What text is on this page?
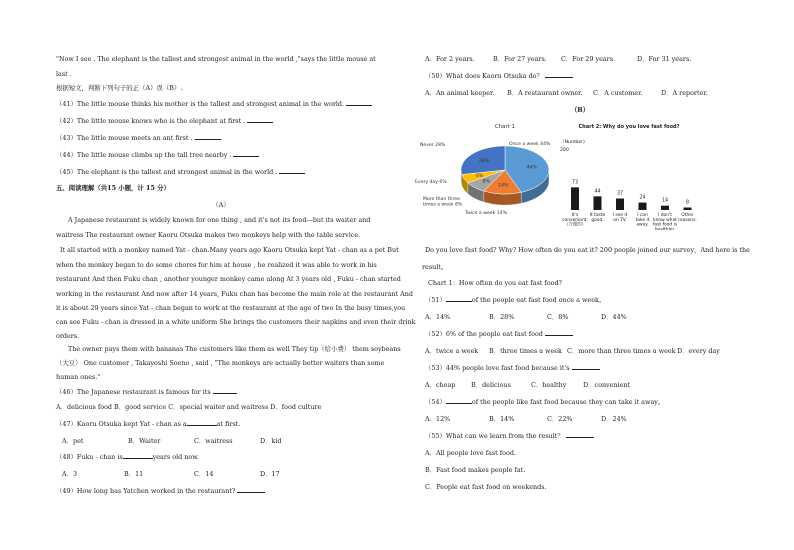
"Now I see . The elephant is the tallest and strongest animal in the world ,"says the little mouse at
last .
根据短文，判断下列句子的正（A）误（B）.
（41）The little mouse thinks his mother is the tallest and strongest animal in the world.
（42）The little mouse knows who is the elephant at first .
（43）The little mouse meets an ant first .
（44）The little mouse climbs up the tall tree nearby .
（45）The elephant is the tallest and strongest animal in the world .
五、阅读理解（共15 小题，计 15 分）
（A）
A Japanese restaurant is widely known for one thing , and it's not its food—but its waiter and
waitress The restaurant owner Kaoru Otsuka makes two monkeys help with the table service.
It all started with a monkey named Yat - chan.Many years ago Kaoru Otsuka kept Yat - chan as a pet But
when the monkey began to do some chores for him at house , he realized it was able to work in his
restaurant And then Fuku chan , another younger monkey came along At 3 years old , Fuku - chan started
working in the restaurant And now after 14 years, Fuku chan has become the main role at the restaurant And
it is about 29 years since Yat - chan began to work at the restaurant at the age of two In the busy times,you
can see Fuku - chan is dressed in a white uniform She brings the customers their napkins and even their drink
orders.
The owner pays them with bananas The customers like them as well They tip（给小费） them soybeans
（大豆） One customer , Takayoshi Soeno , said , "The monkeys are actually better waiters than some
human ones."
（46）The Japanese restaurant is famous for its
A．delicious food B．good service C．special waiter and waitress D．food culture
（47）Kaoru Otsuka kept Yat - chan as a	at first.
A．pet	B．Waiter	C．waitress	D．kid
（48）Fuku - chan is	years old now.
A．3	B．11	C．14	D．17
（49）How long has Yatchen worked in the restaurant?
A．For 2 years.	B．For 27 years. C．For 29 years.	D．For 31 years.
（50）What does Kaoru Otsuka do？
A．An animal keeper. B．A restaurant owner. C．A customer.	D．A reporter.
（B）
Chart 1
44%
14%
8%
6%
28%
Once a week 44%
Twice a week 14%
More than three times a week 8%
Every day 6%
Never 28%
Chart 2: Why do you love fast food?
（Number)
200
73
44	37
24
14	8
It's convenient.（方便的）
It taste good.
I see it on TV.
I can take it away.
I don't know what fast food is healthier.
Other reasons.
Do you love fast food? Why? How often do you eat it? 200 people joined our survey，And here is the
result。
Chart 1：How often do you eat fast food?
（51）	of the people eat fast food once a week。
A．14%	B．28%	C．8%	D．44%
（52）6% of the people eat fast food
A．twice a week B．three times a week C．more than three times a week D．every day
（53）44% people love fast food because it's
A．cheap B．delicious	C．healthy	D．convenient
（54）	of the people like fast food because they can take it away。
A．12%	B．14%	C．22%	D．24%
（55）What can we learn from the result？
A．All people love fast food.
B．Fast food makes people fat.
C．People eat fast food on weekends.
